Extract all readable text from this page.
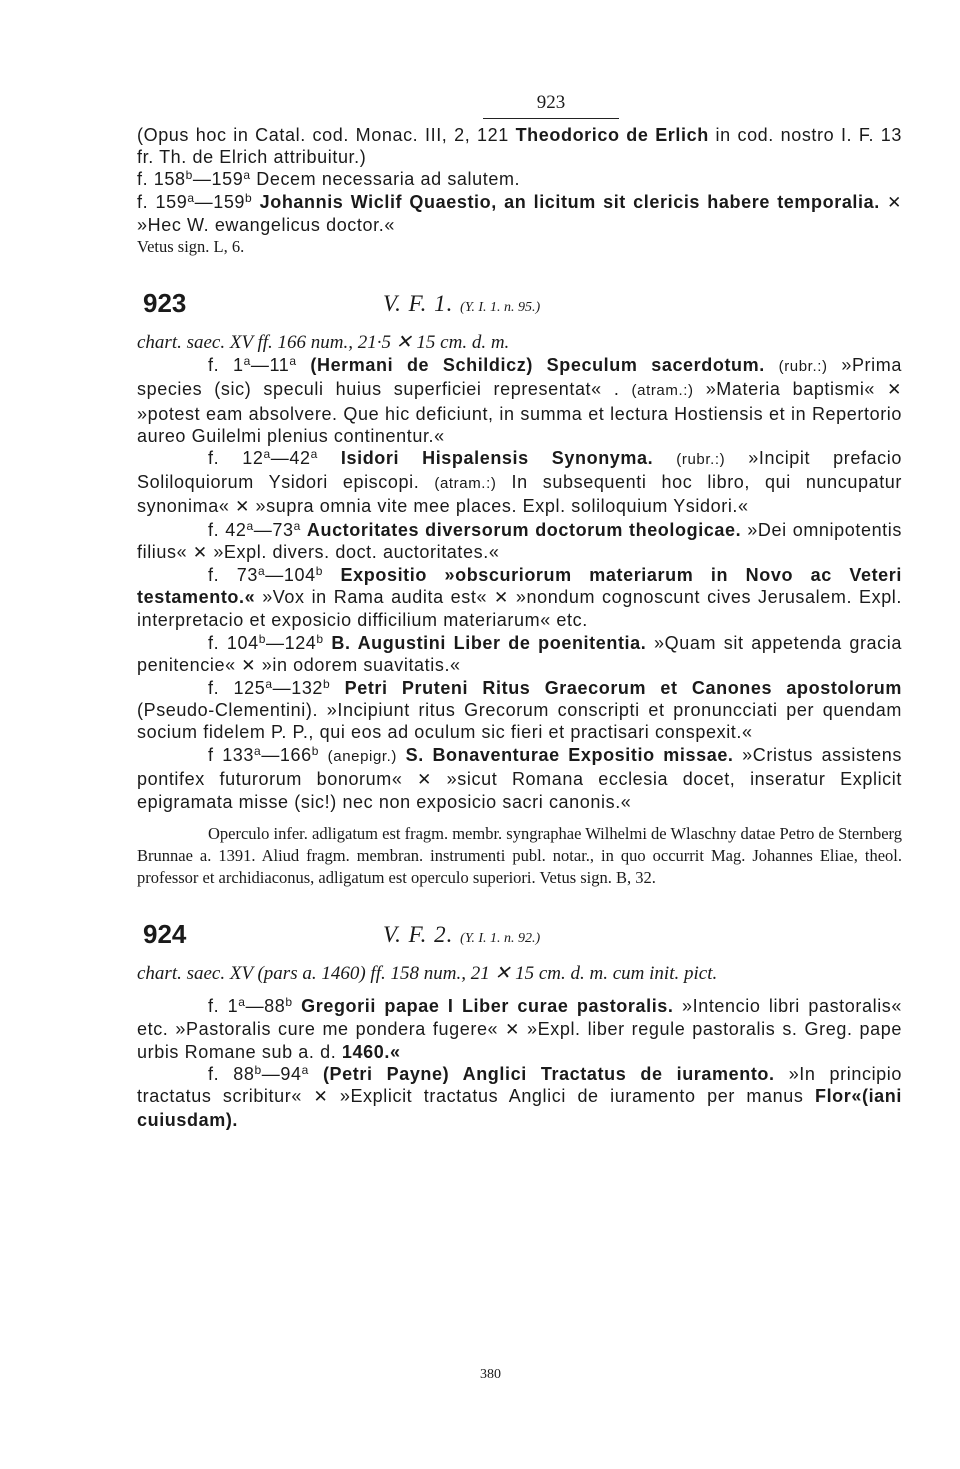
923

(Opus hoc in Catal. cod. Monac. III, 2, 121 Theodorico de Erlich in cod. nostro I. F. 13 fr. Th. de Elrich attribuitur.)

f. 158$^b$—159$^a$ Decem necessaria ad salutem.

f. 159$^a$—159$^b$ Johannis Wiclif Quaestio, an licitum sit clericis habere temporalia. ✕ »Hec W. ewangelicus doctor.«

Vetus sign. L, 6.

923	V. F. 1. (Y. I. 1. n. 95.)

chart. saec. XV ff. 166 num., 21·5 ✕ 15 cm. d. m.

f. 1$^a$—11$^a$ (Hermani de Schildicz) Speculum sacerdotum. (rubr.:) »Prima species (sic) speculi huius superficiei representat« . (atram.:) »Materia baptismi« ✕ »potest eam absolvere. Que hic deficiunt, in summa et lectura Hostiensis et in Repertorio aureo Guilelmi plenius continentur.«

f. 12$^a$—42$^a$ Isidori Hispalensis Synonyma. (rubr.:) »Incipit prefacio Soliloquiorum Ysidori episcopi. (atram.:) In subsequenti hoc libro, qui nuncupatur synonima« ✕ »supra omnia vite mee places. Expl. soliloquium Ysidori.«

f. 42$^a$—73$^a$ Auctoritates diversorum doctorum theologicae. »Dei omnipotentis filius« ✕ »Expl. divers. doct. auctoritates.«

f. 73$^a$—104$^b$ Expositio »obscuriorum materiarum in Novo ac Veteri testamento.« »Vox in Rama audita est« ✕ »nondum cognoscunt cives Jerusalem. Expl. interpretacio et exposicio difficilium materiarum« etc.

f. 104$^b$—124$^b$ B. Augustini Liber de poenitentia. »Quam sit appetenda gracia penitencie« ✕ »in odorem suavitatis.«

f. 125$^a$—132$^b$ Petri Pruteni Ritus Graecorum et Canones apostolorum (Pseudo-Clementini). »Incipiunt ritus Grecorum conscripti et pronuncciati per quendam socium fidelem P. P., qui eos ad oculum sic fieri et practisari conspexit.«

f 133$^a$—166$^b$ (anepigr.) S. Bonaventurae Expositio missae. »Cristus assistens pontifex futurorum bonorum« ✕ »sicut Romana ecclesia docet, inseratur Explicit epigramata misse (sic!) nec non exposicio sacri canonis.«

Operculo infer. adligatum est fragm. membr. syngraphae Wilhelmi de Wlaschny datae Petro de Sternberg Brunnae a. 1391. Aliud fragm. membran. instrumenti publ. notar., in quo occurrit Mag. Johannes Eliae, theol. professor et archidiaconus, adligatum est operculo superiori. Vetus sign. B, 32.

924	V. F. 2. (Y. I. 1. n. 92.)

chart. saec. XV (pars a. 1460) ff. 158 num., 21 ✕ 15 cm. d. m. cum init. pict.

f. 1$^a$—88$^b$ Gregorii papae I Liber curae pastoralis. »Intencio libri pastoralis« etc. »Pastoralis cure me pondera fugere« ✕ »Expl. liber regule pastoralis s. Greg. pape urbis Romane sub a. d. 1460.«

f. 88$^b$—94$^a$ (Petri Payne) Anglici Tractatus de iuramento. »In principio tractatus scribitur« ✕ »Explicit tractatus Anglici de iuramento per manus Flor«(iani cuiusdam).

380
